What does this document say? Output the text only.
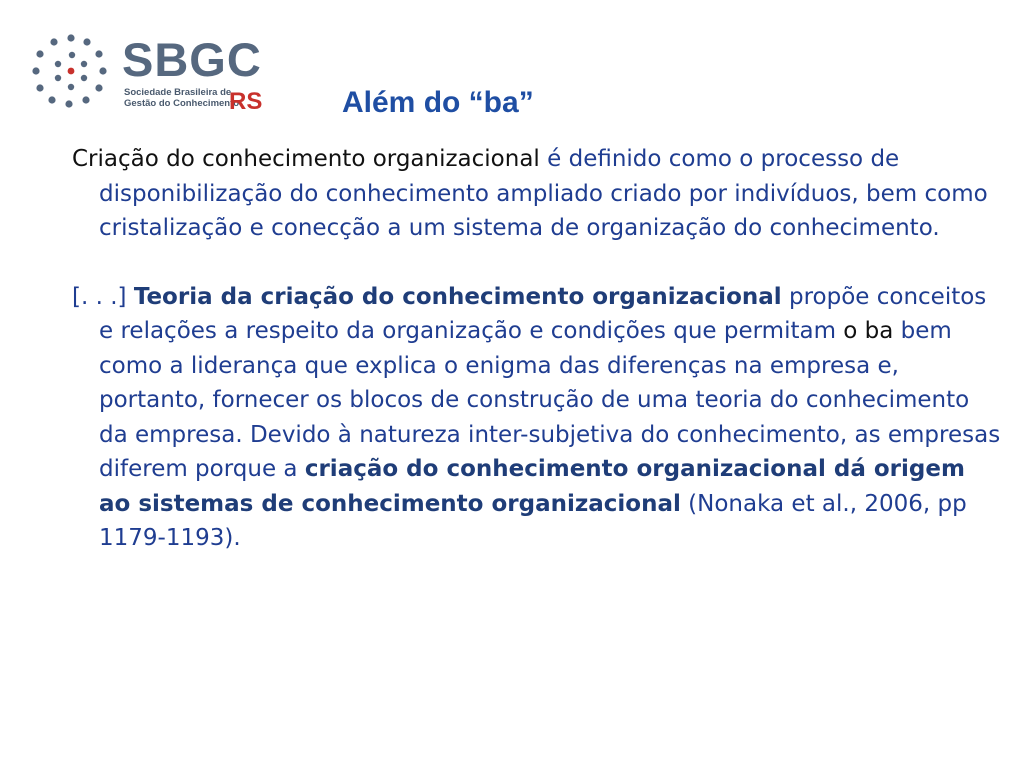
SBGC
Sociedade Brasileira de
Gestão do Conhecimento
RS	Além do “ba”

Criação do conhecimento organizacional é definido como o processo de disponibilização do conhecimento ampliado criado por indivíduos, bem como cristalização e conecção a um sistema de organização do conhecimento.

[. . .] Teoria da criação do conhecimento organizacional propõe conceitos e relações a respeito da organização e condições que permitam o ba bem como a liderança que explica o enigma das diferenças na empresa e, portanto, fornecer os blocos de construção de uma teoria do conhecimento da empresa. Devido à natureza inter-subjetiva do conhecimento, as empresas diferem porque a criação do conhecimento organizacional dá origem ao sistemas de conhecimento organizacional (Nonaka et al., 2006, pp 1179-1193).
